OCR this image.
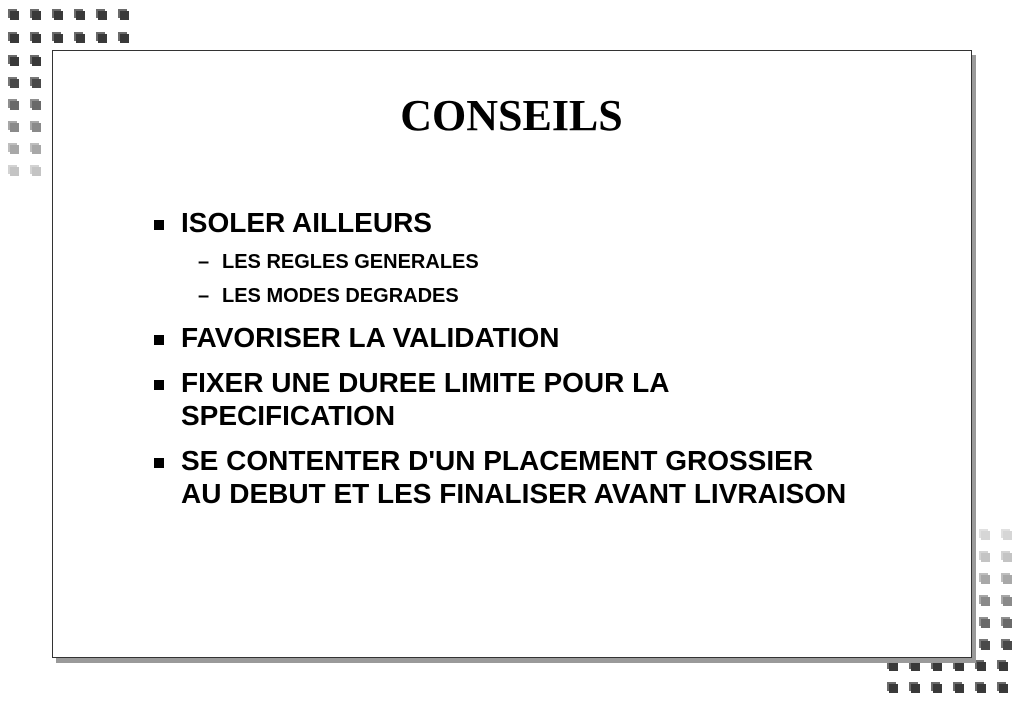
CONSEILS
ISOLER AILLEURS
– LES REGLES GENERALES
– LES MODES DEGRADES
FAVORISER LA VALIDATION
FIXER UNE DUREE LIMITE POUR LA SPECIFICATION
SE CONTENTER D'UN PLACEMENT GROSSIER AU DEBUT ET LES FINALISER AVANT LIVRAISON
